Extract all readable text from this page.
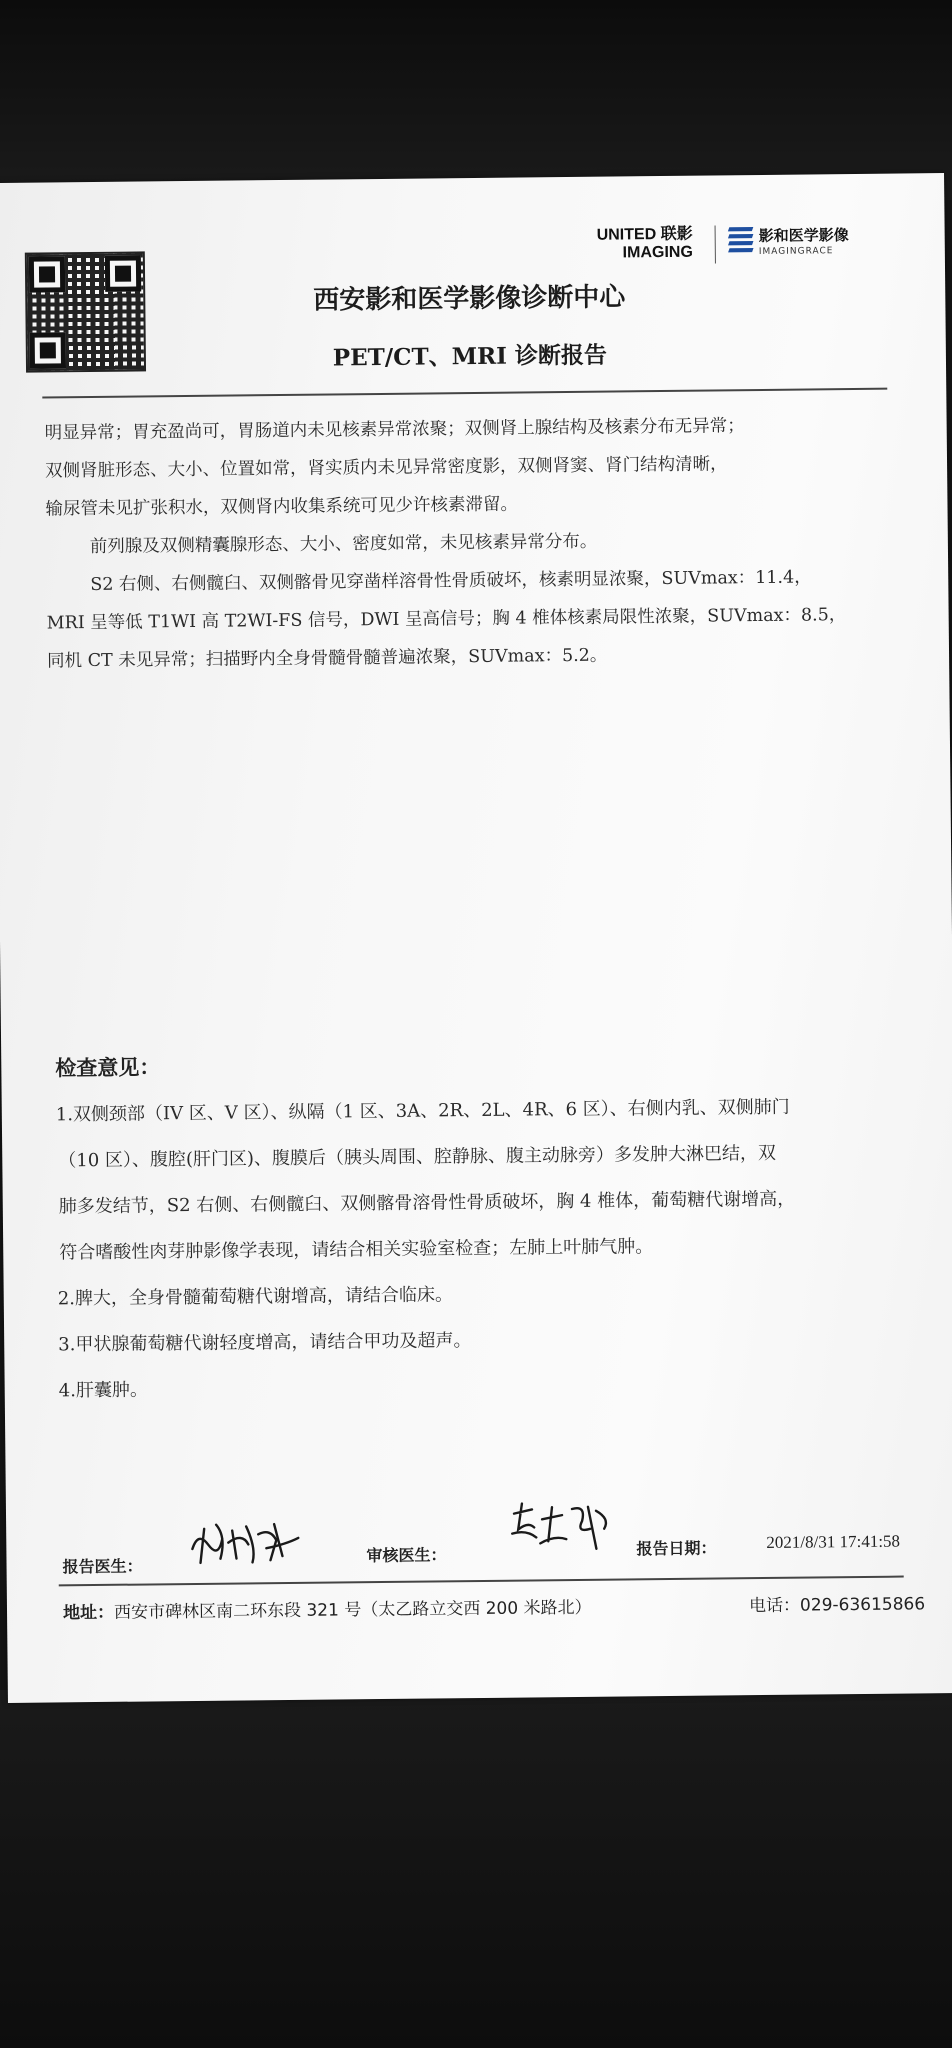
UNITED 联影
IMAGING
影和医学影像
IMAGINGRACE
西安影和医学影像诊断中心
PET/CT、MRI 诊断报告

明显异常；胃充盈尚可，胃肠道内未见核素异常浓聚；双侧肾上腺结构及核素分布无异常；

双侧肾脏形态、大小、位置如常，肾实质内未见异常密度影，双侧肾窦、肾门结构清晰，

输尿管未见扩张积水，双侧肾内收集系统可见少许核素滞留。

前列腺及双侧精囊腺形态、大小、密度如常，未见核素异常分布。

S2 右侧、右侧髋臼、双侧髂骨见穿凿样溶骨性骨质破坏，核素明显浓聚，SUVmax：11.4，

MRI 呈等低 T1WI 高 T2WI-FS 信号，DWI 呈高信号；胸 4 椎体核素局限性浓聚，SUVmax：8.5，

同机 CT 未见异常；扫描野内全身骨髓骨髓普遍浓聚，SUVmax：5.2。

检查意见：

1.双侧颈部（IV 区、V 区）、纵隔（1 区、3A、2R、2L、4R、6 区）、右侧内乳、双侧肺门

（10 区）、腹腔(肝门区)、腹膜后（胰头周围、腔静脉、腹主动脉旁）多发肿大淋巴结，双

肺多发结节，S2 右侧、右侧髋臼、双侧髂骨溶骨性骨质破坏，胸 4 椎体，葡萄糖代谢增高，

符合嗜酸性肉芽肿影像学表现，请结合相关实验室检查；左肺上叶肺气肿。

2.脾大，全身骨髓葡萄糖代谢增高，请结合临床。

3.甲状腺葡萄糖代谢轻度增高，请结合甲功及超声。

4.肝囊肿。

报告医生：
审核医生：	报告日期：	2021/8/31 17:41:58
地址：西安市碑林区南二环东段 321 号（太乙路立交西 200 米路北）	电话：029-63615866
